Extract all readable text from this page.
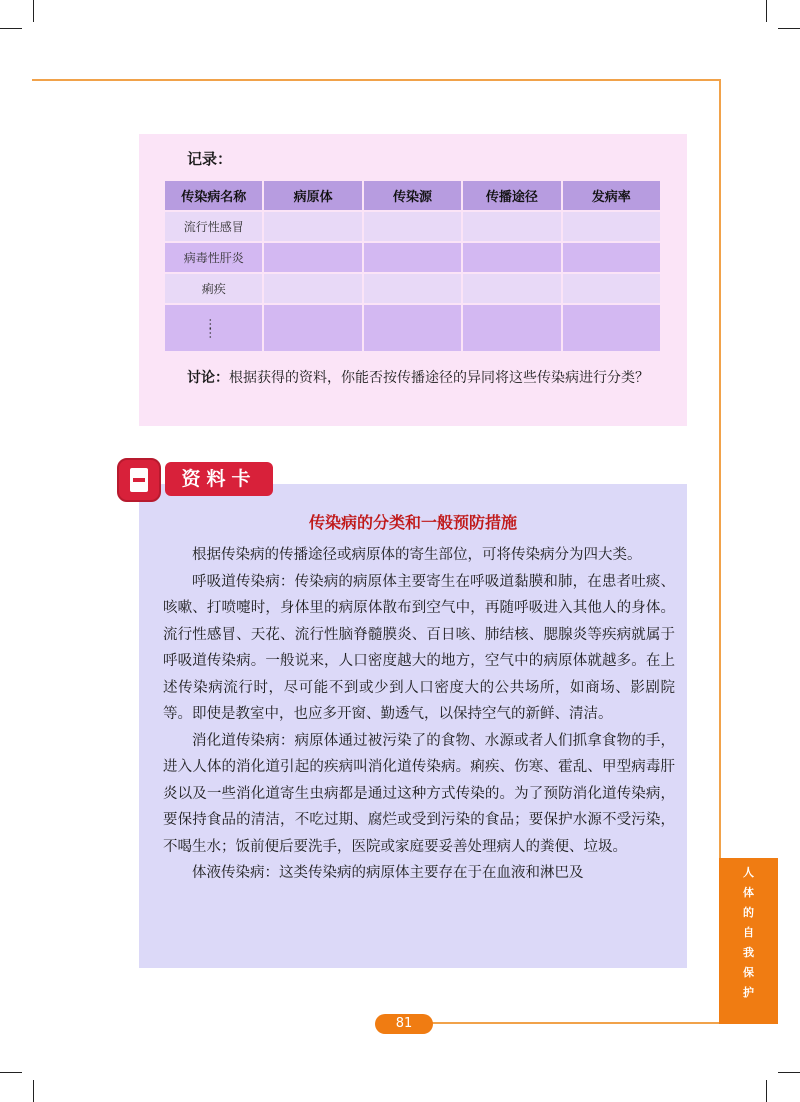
记录：
传染病名称	病原体	传染源	传播途径	发病率
流行性感冒				
病毒性肝炎				
痢疾				
……				
讨论：根据获得的资料，你能否按传播途径的异同将这些传染病进行分类？
传染病的分类和一般预防措施

根据传染病的传播途径或病原体的寄生部位，可将传染病分为四大类。

呼吸道传染病：传染病的病原体主要寄生在呼吸道黏膜和肺，在患者吐痰、咳嗽、打喷嚏时，身体里的病原体散布到空气中，再随呼吸进入其他人的身体。流行性感冒、天花、流行性脑脊髓膜炎、百日咳、肺结核、腮腺炎等疾病就属于呼吸道传染病。一般说来，人口密度越大的地方，空气中的病原体就越多。在上述传染病流行时，尽可能不到或少到人口密度大的公共场所，如商场、影剧院等。即使是教室中，也应多开窗、勤透气，以保持空气的新鲜、清洁。

消化道传染病：病原体通过被污染了的食物、水源或者人们抓拿食物的手，进入人体的消化道引起的疾病叫消化道传染病。痢疾、伤寒、霍乱、甲型病毒肝炎以及一些消化道寄生虫病都是通过这种方式传染的。为了预防消化道传染病，要保持食品的清洁，不吃过期、腐烂或受到污染的食品；要保护水源不受污染，不喝生水；饭前便后要洗手，医院或家庭要妥善处理病人的粪便、垃圾。

体液传染病：这类传染病的病原体主要存在于在血液和淋巴及

资料卡
人
体
的
自
我
保
护
81
